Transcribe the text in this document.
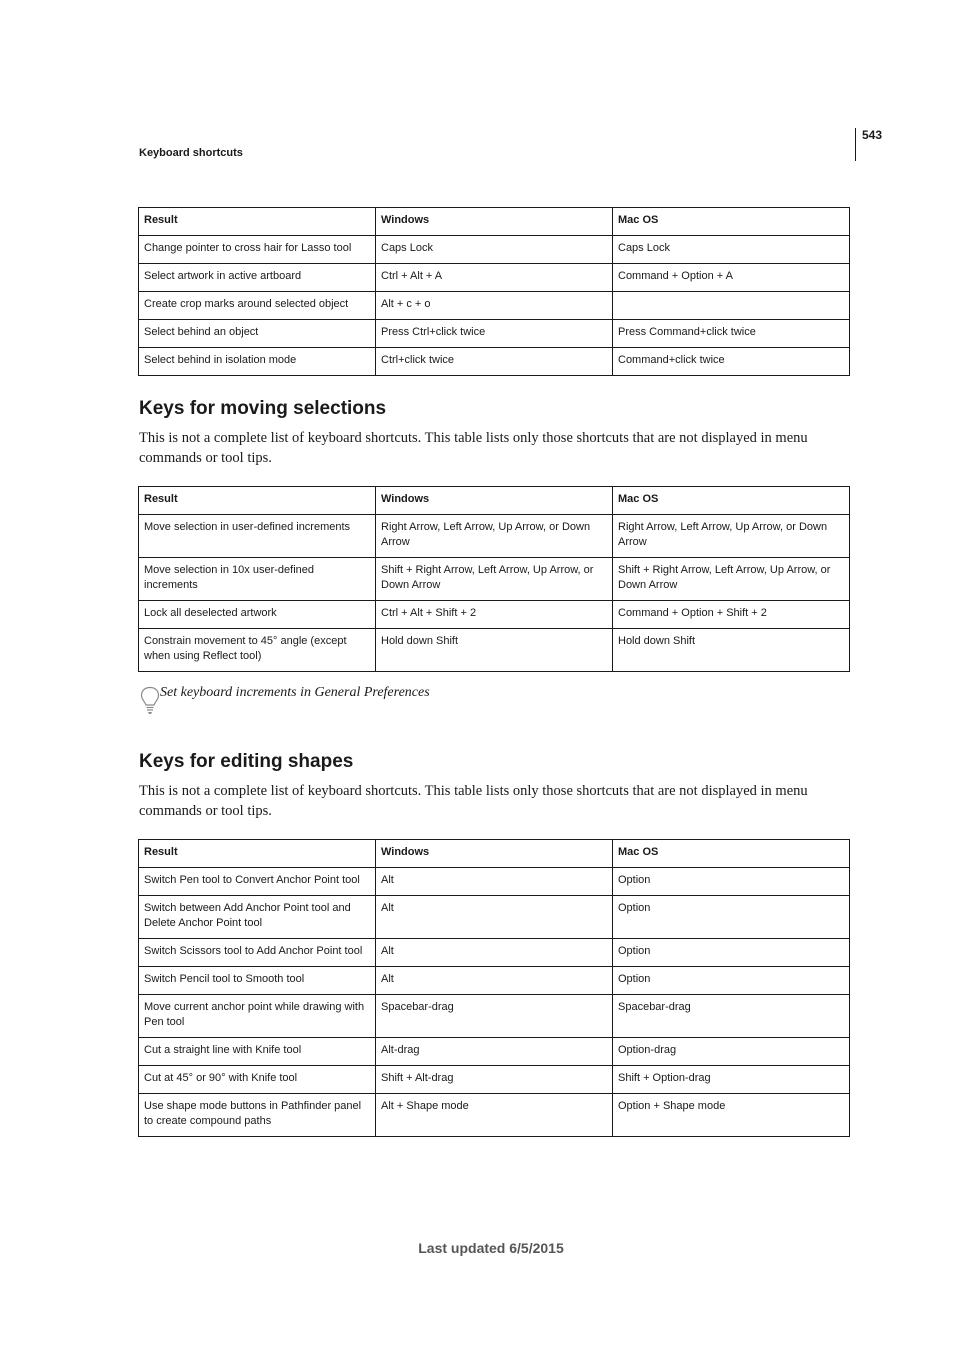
543
Keyboard shortcuts
Result	Windows	Mac OS
Change pointer to cross hair for Lasso tool	Caps Lock	Caps Lock
Select artwork in active artboard	Ctrl + Alt + A	Command + Option + A
Create crop marks around selected object	Alt + c + o	
Select behind an object	Press Ctrl+click twice	Press Command+click twice
Select behind in isolation mode	Ctrl+click twice	Command+click twice
Keys for moving selections

This is not a complete list of keyboard shortcuts. This table lists only those shortcuts that are not displayed in menu commands or tool tips.

Result	Windows	Mac OS
Move selection in user-defined increments	Right Arrow, Left Arrow, Up Arrow, or Down Arrow	Right Arrow, Left Arrow, Up Arrow, or Down Arrow
Move selection in 10x user-defined increments	Shift + Right Arrow, Left Arrow, Up Arrow, or Down Arrow	Shift + Right Arrow, Left Arrow, Up Arrow, or Down Arrow
Lock all deselected artwork	Ctrl + Alt + Shift + 2	Command + Option + Shift + 2
Constrain movement to 45° angle (except when using Reflect tool)	Hold down Shift	Hold down Shift
Set keyboard increments in General Preferences
Keys for editing shapes

This is not a complete list of keyboard shortcuts. This table lists only those shortcuts that are not displayed in menu commands or tool tips.

Result	Windows	Mac OS
Switch Pen tool to Convert Anchor Point tool	Alt	Option
Switch between Add Anchor Point tool and Delete Anchor Point tool	Alt	Option
Switch Scissors tool to Add Anchor Point tool	Alt	Option
Switch Pencil tool to Smooth tool	Alt	Option
Move current anchor point while drawing with Pen tool	Spacebar-drag	Spacebar-drag
Cut a straight line with Knife tool	Alt-drag	Option-drag
Cut at 45° or 90° with Knife tool	Shift + Alt-drag	Shift + Option-drag
Use shape mode buttons in Pathfinder panel to create compound paths	Alt + Shape mode	Option + Shape mode
Last updated 6/5/2015
